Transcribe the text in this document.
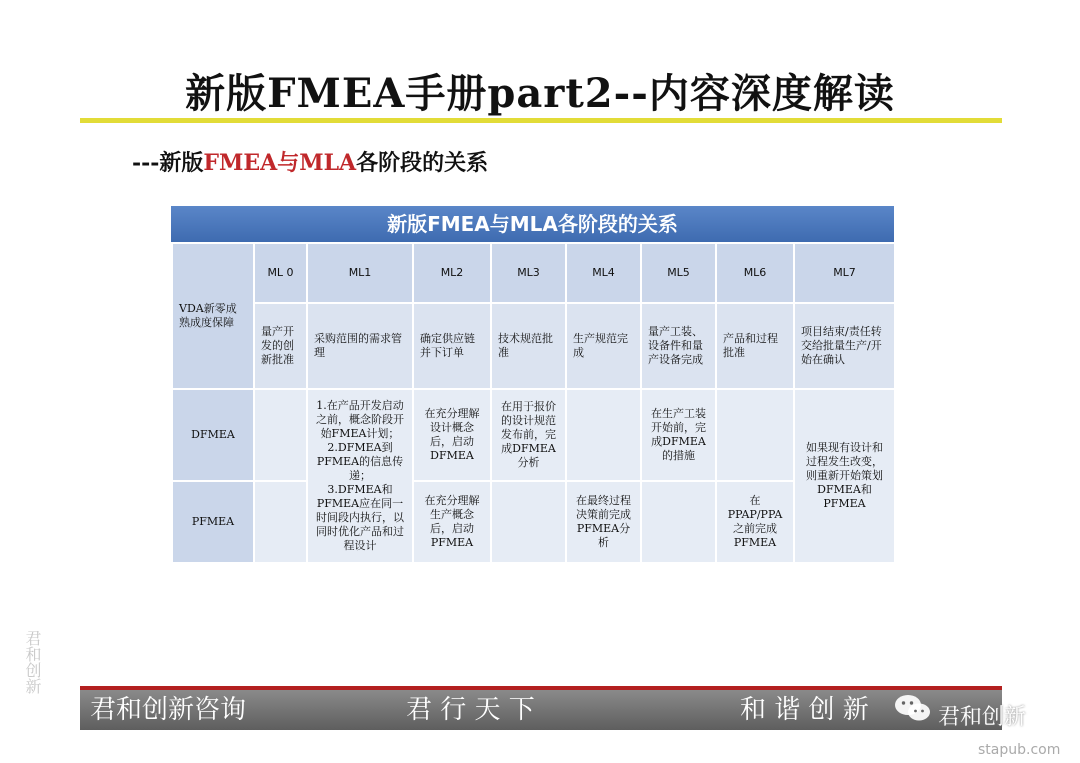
新版FMEA手册part2--内容深度解读
---新版FMEA与MLA各阶段的关系
新版FMEA与MLA各阶段的关系
VDA新零成熟成度保障	ML 0	ML1	ML2	ML3	ML4	ML5	ML6	ML7
	量产开发的创新批准	采购范围的需求管理	确定供应链并下订单	技术规范批准	生产规范完成	量产工装、设备件和量产设备完成	产品和过程批准	项目结束/责任转交给批量生产/开始在确认
DFMEA		1.在产品开发启动之前，概念阶段开始FMEA计划；
2.DFMEA到PFMEA的信息传递；
3.DFMEA和PFMEA应在同一时间段内执行，以同时优化产品和过程设计	在充分理解设计概念后，启动DFMEA	在用于报价的设计规范发布前，完成DFMEA分析		在生产工装开始前，完成DFMEA的措施		如果现有设计和过程发生改变，则重新开始策划DFMEA和PFMEA
PFMEA			在充分理解生产概念后，启动PFMEA		在最终过程决策前完成PFMEA分析		在PPAP/PPA之前完成PFMEA	
君和创新
君和创新咨询	君 行 天 下	和 谐 创 新	君和创新
stapub.com
